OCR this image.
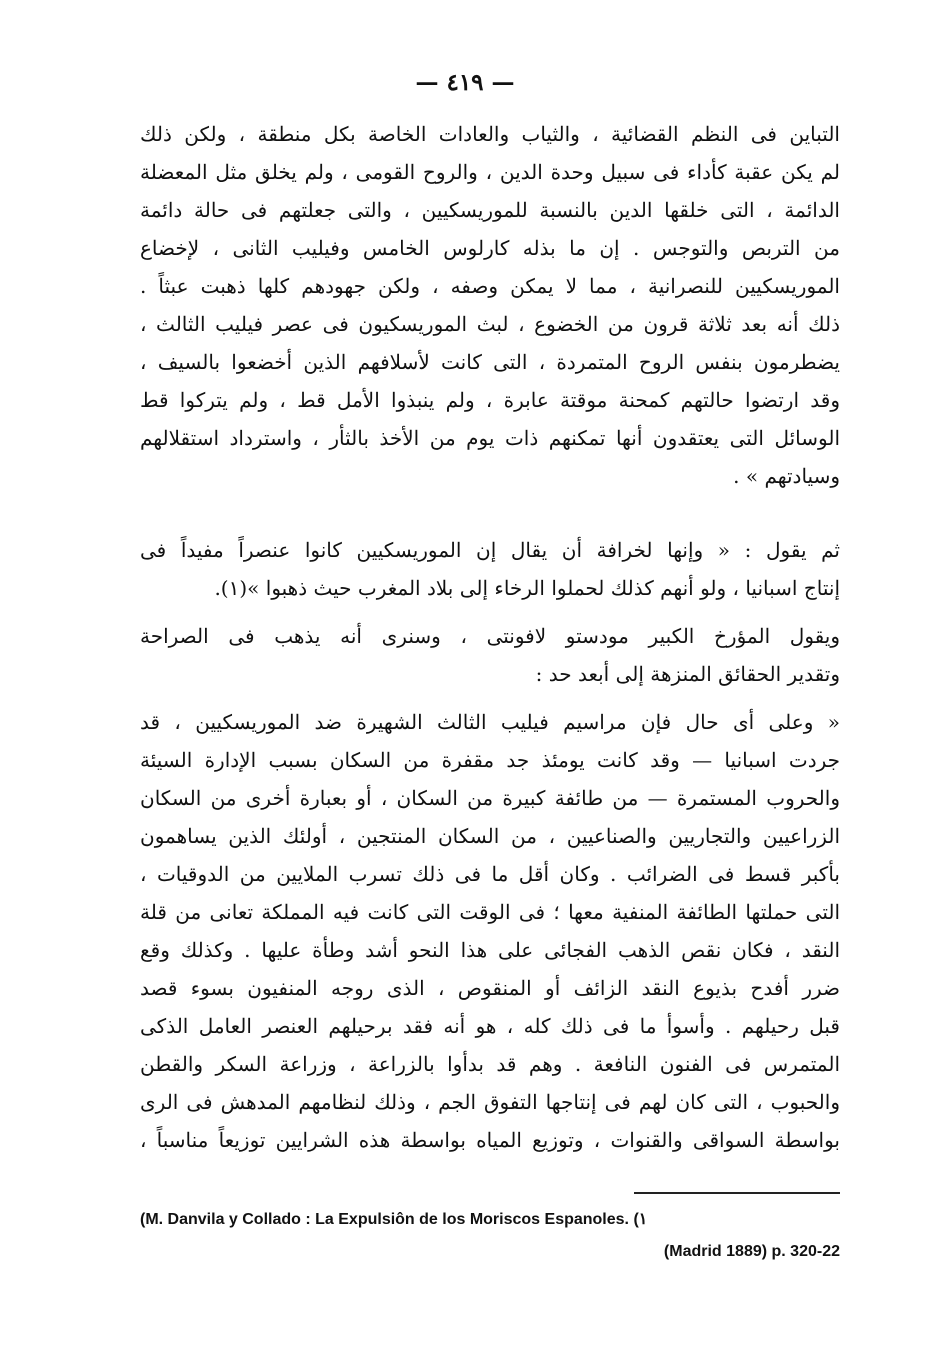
— ٤١٩ —
التباين فى النظم القضائية ، والثياب والعادات الخاصة بكل منطقة ، ولكن ذلك
لم يكن عقبة كأداء فى سبيل وحدة الدين ، والروح القومى ، ولم يخلق مثل المعضلة
الدائمة ، التى خلقها الدين بالنسبة للموريسكيين ، والتى جعلتهم فى حالة دائمة
من التربص والتوجس . إن ما بذله كارلوس الخامس وفيليب الثانى ، لإخضاع
الموريسكيين للنصرانية ، مما لا يمكن وصفه ، ولكن جهودهم كلها ذهبت عبثاً .
ذلك أنه بعد ثلاثة قرون من الخضوع ، لبث الموريسكيون فى عصر فيليب الثالث ،
يضطرمون بنفس الروح المتمردة ، التى كانت لأسلافهم الذين أخضعوا بالسيف ،
وقد ارتضوا حالتهم كمحنة موقتة عابرة ، ولم ينبذوا الأمل قط ، ولم يتركوا قط
الوسائل التى يعتقدون أنها تمكنهم ذات يوم من الأخذ بالثأر ، واسترداد استقلالهم
وسيادتهم » .
ثم يقول : « وإنها لخرافة أن يقال إن الموريسكيين كانوا عنصراً مفيداً فى
إنتاج اسبانيا ، ولو أنهم كذلك لحملوا الرخاء إلى بلاد المغرب حيث ذهبوا »(١).
ويقول المؤرخ الكبير مودستو لافونتى ، وسنرى أنه يذهب فى الصراحة
وتقدير الحقائق المنزهة إلى أبعد حد :
« وعلى أى حال فإن مراسيم فيليب الثالث الشهيرة ضد الموريسكيين ، قد
جردت اسبانيا — وقد كانت يومئذ جد مقفرة من السكان بسبب الإدارة السيئة
والحروب المستمرة — من طائفة كبيرة من السكان ، أو بعبارة أخرى من السكان
الزراعيين والتجاريين والصناعيين ، من السكان المنتجين ، أولئك الذين يساهمون
بأكبر قسط فى الضرائب . وكان أقل ما فى ذلك تسرب الملايين من الدوقيات ،
التى حملتها الطائفة المنفية معها ؛ فى الوقت التى كانت فيه المملكة تعانى من قلة
النقد ، فكان نقص الذهب الفجائى على هذا النحو أشد وطأة عليها . وكذلك وقع
ضرر أفدح بذيوع النقد الزائف أو المنقوص ، الذى روجه المنفيون بسوء قصد
قبل رحيلهم . وأسوأ ما فى ذلك كله ، هو أنه فقد برحيلهم العنصر العامل الذكى
المتمرس فى الفنون النافعة . وهم قد بدأوا بالزراعة ، وزراعة السكر والقطن
والحبوب ، التى كان لهم فى إنتاجها التفوق الجم ، وذلك لنظامهم المدهش فى الرى
بواسطة السواقى والقنوات ، وتوزيع المياه بواسطة هذه الشرايين توزيعاً مناسباً ،
(M. Danvila y Collado : La Expulsiôn de los Moriscos Espanoles. (١
(Madrid 1889) p. 320-22
